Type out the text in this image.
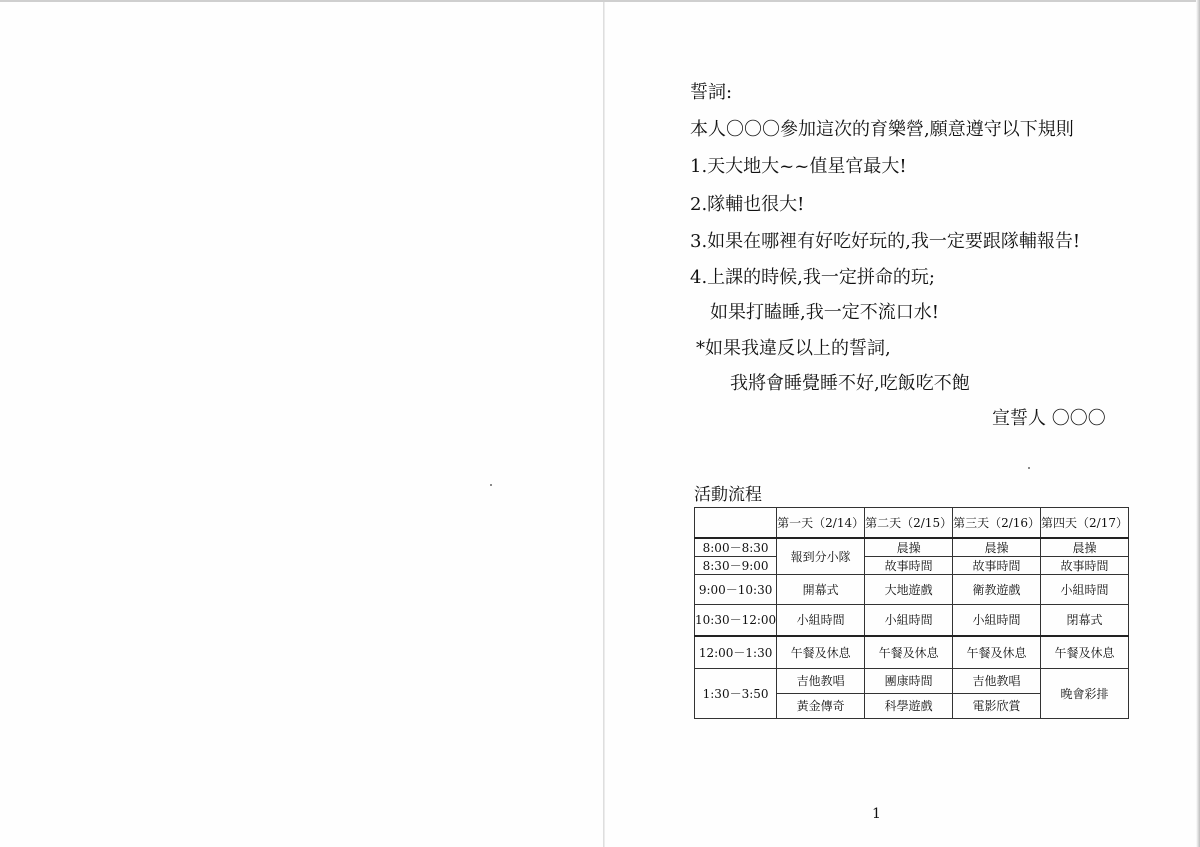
誓詞:
本人〇〇〇參加這次的育樂營,願意遵守以下規則
1.天大地大~~值星官最大!
2.隊輔也很大!
3.如果在哪裡有好吃好玩的,我一定要跟隊輔報告!
4.上課的時候,我一定拼命的玩;
如果打瞌睡,我一定不流口水!
*如果我違反以上的誓詞,
我將會睡覺睡不好,吃飯吃不飽
宣誓人 〇〇〇
活動流程
	第一天（2/14）	第二天（2/15）	第三天（2/16）	第四天（2/17）
8:00－8:30	報到分小隊	晨操	晨操	晨操
8:30－9:00		故事時間	故事時間	故事時間
9:00－10:30	開幕式	大地遊戲	衛教遊戲	小組時間
10:30－12:00	小組時間	小組時間	小組時間	閉幕式
12:00－1:30	午餐及休息	午餐及休息	午餐及休息	午餐及休息
1:30－3:50	吉他教唱	團康時間	吉他教唱	晚會彩排
	黃金傳奇	科學遊戲	電影欣賞	
1
